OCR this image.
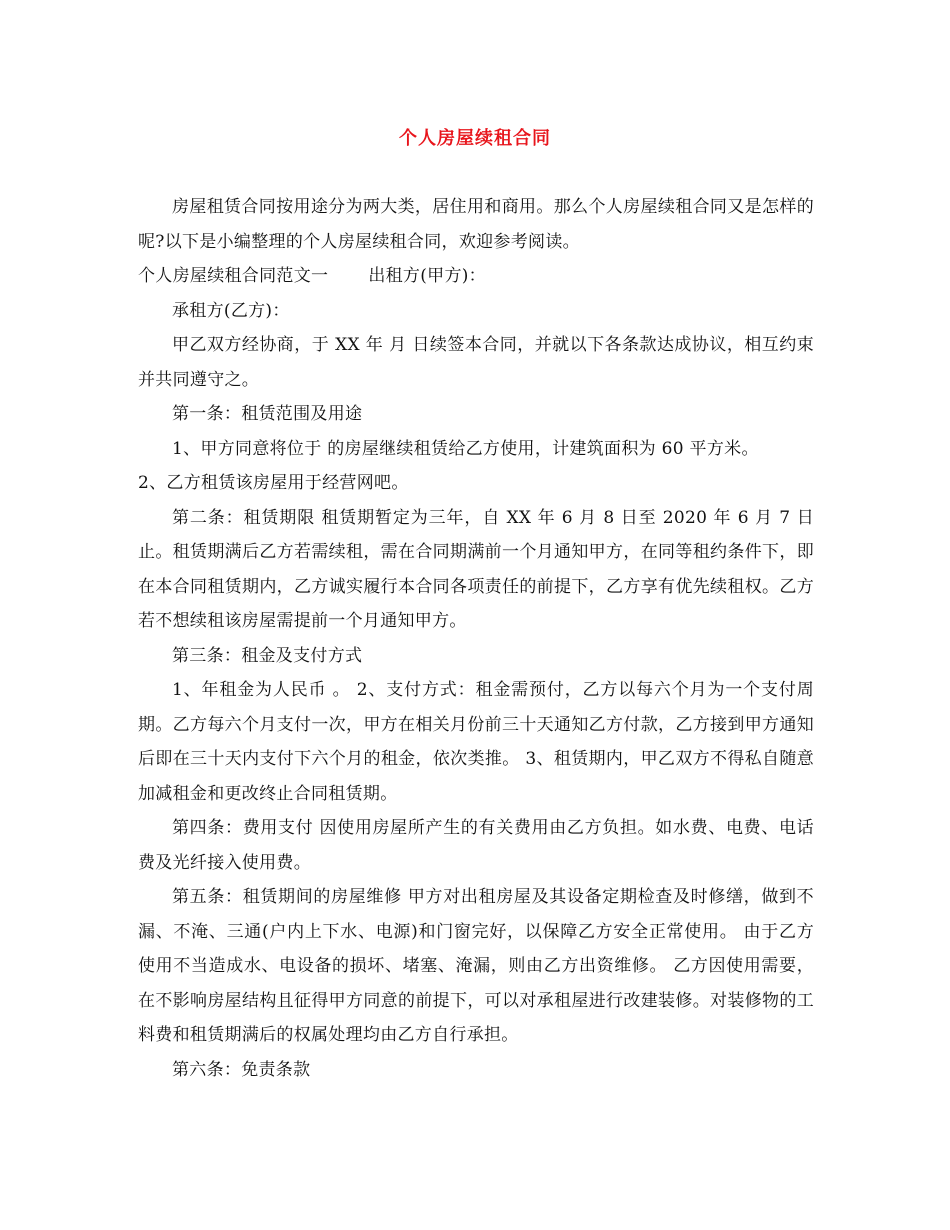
个人房屋续租合同

房屋租赁合同按用途分为两大类，居住用和商用。那么个人房屋续租合同又是怎样的呢?以下是小编整理的个人房屋续租合同，欢迎参考阅读。

个人房屋续租合同范文一 出租方(甲方)：

承租方(乙方)：

甲乙双方经协商，于 XX 年 月 日续签本合同，并就以下各条款达成协议，相互约束并共同遵守之。

第一条：租赁范围及用途

1、甲方同意将位于 的房屋继续租赁给乙方使用，计建筑面积为 60 平方米。

2、乙方租赁该房屋用于经营网吧。

第二条：租赁期限 租赁期暂定为三年，自 XX 年 6 月 8 日至 2020 年 6 月 7 日止。租赁期满后乙方若需续租，需在合同期满前一个月通知甲方，在同等租约条件下，即在本合同租赁期内，乙方诚实履行本合同各项责任的前提下，乙方享有优先续租权。乙方若不想续租该房屋需提前一个月通知甲方。

第三条：租金及支付方式

1、年租金为人民币 。 2、支付方式：租金需预付，乙方以每六个月为一个支付周期。乙方每六个月支付一次，甲方在相关月份前三十天通知乙方付款，乙方接到甲方通知后即在三十天内支付下六个月的租金，依次类推。 3、租赁期内，甲乙双方不得私自随意加减租金和更改终止合同租赁期。

第四条：费用支付 因使用房屋所产生的有关费用由乙方负担。如水费、电费、电话费及光纤接入使用费。

第五条：租赁期间的房屋维修 甲方对出租房屋及其设备定期检查及时修缮，做到不漏、不淹、三通(户内上下水、电源)和门窗完好，以保障乙方安全正常使用。 由于乙方使用不当造成水、电设备的损坏、堵塞、淹漏，则由乙方出资维修。 乙方因使用需要，在不影响房屋结构且征得甲方同意的前提下，可以对承租屋进行改建装修。对装修物的工料费和租赁期满后的权属处理均由乙方自行承担。

第六条：免责条款
